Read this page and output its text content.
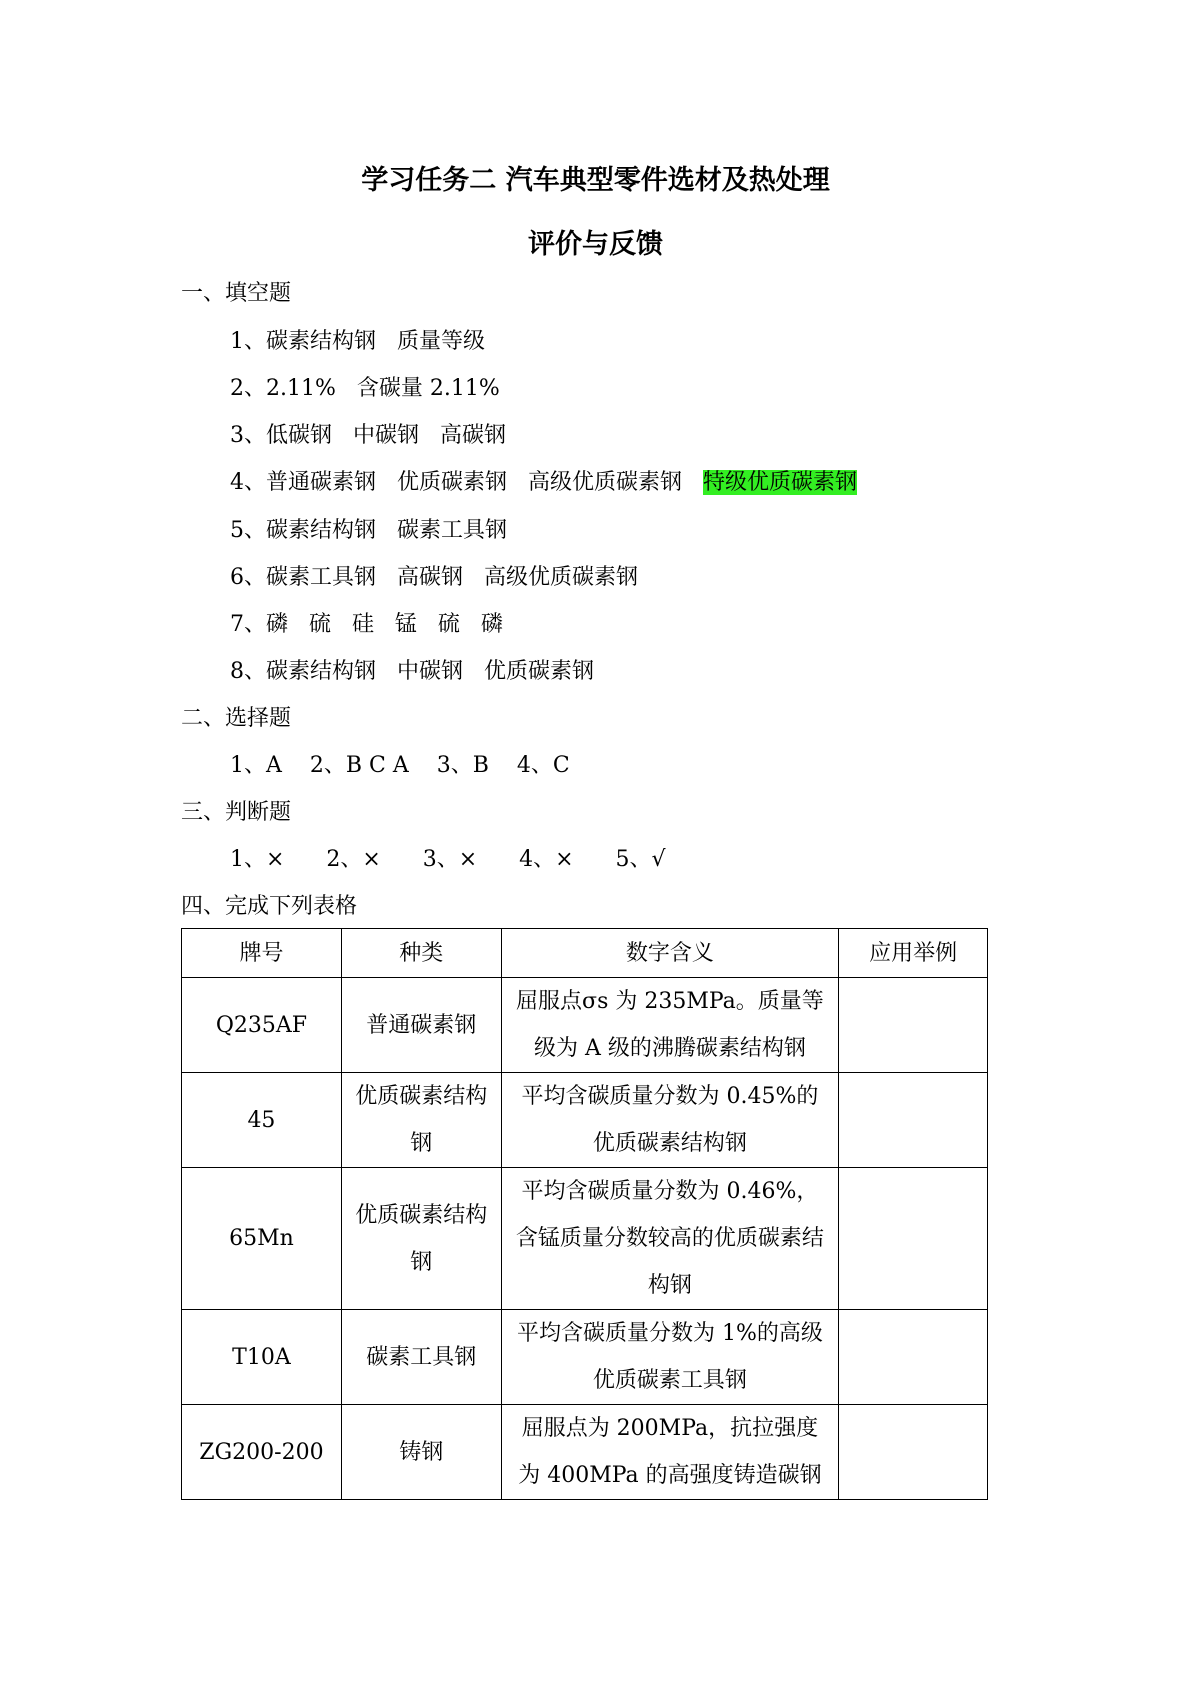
学习任务二 汽车典型零件选材及热处理
评价与反馈
一、填空题
1、碳素结构钢   质量等级
2、2.11%   含碳量 2.11%
3、低碳钢   中碳钢   高碳钢
4、普通碳素钢   优质碳素钢   高级优质碳素钢   特级优质碳素钢
5、碳素结构钢   碳素工具钢
6、碳素工具钢   高碳钢   高级优质碳素钢
7、磷   硫   硅   锰   硫   磷
8、碳素结构钢   中碳钢   优质碳素钢
二、选择题
1、A    2、B C A    3、B    4、C
三、判断题
1、×      2、×      3、×      4、×      5、√
四、完成下列表格
牌号	种类	数字含义	应用举例
Q235AF	普通碳素钢	屈服点σs 为 235MPa。质量等级为 A 级的沸腾碳素结构钢	
45	优质碳素结构钢	平均含碳质量分数为 0.45%的优质碳素结构钢	
65Mn	优质碳素结构钢	平均含碳质量分数为 0.46%，含锰质量分数较高的优质碳素结构钢	
T10A	碳素工具钢	平均含碳质量分数为 1%的高级优质碳素工具钢	
ZG200-200	铸钢	屈服点为 200MPa，抗拉强度为 400MPa 的高强度铸造碳钢	
